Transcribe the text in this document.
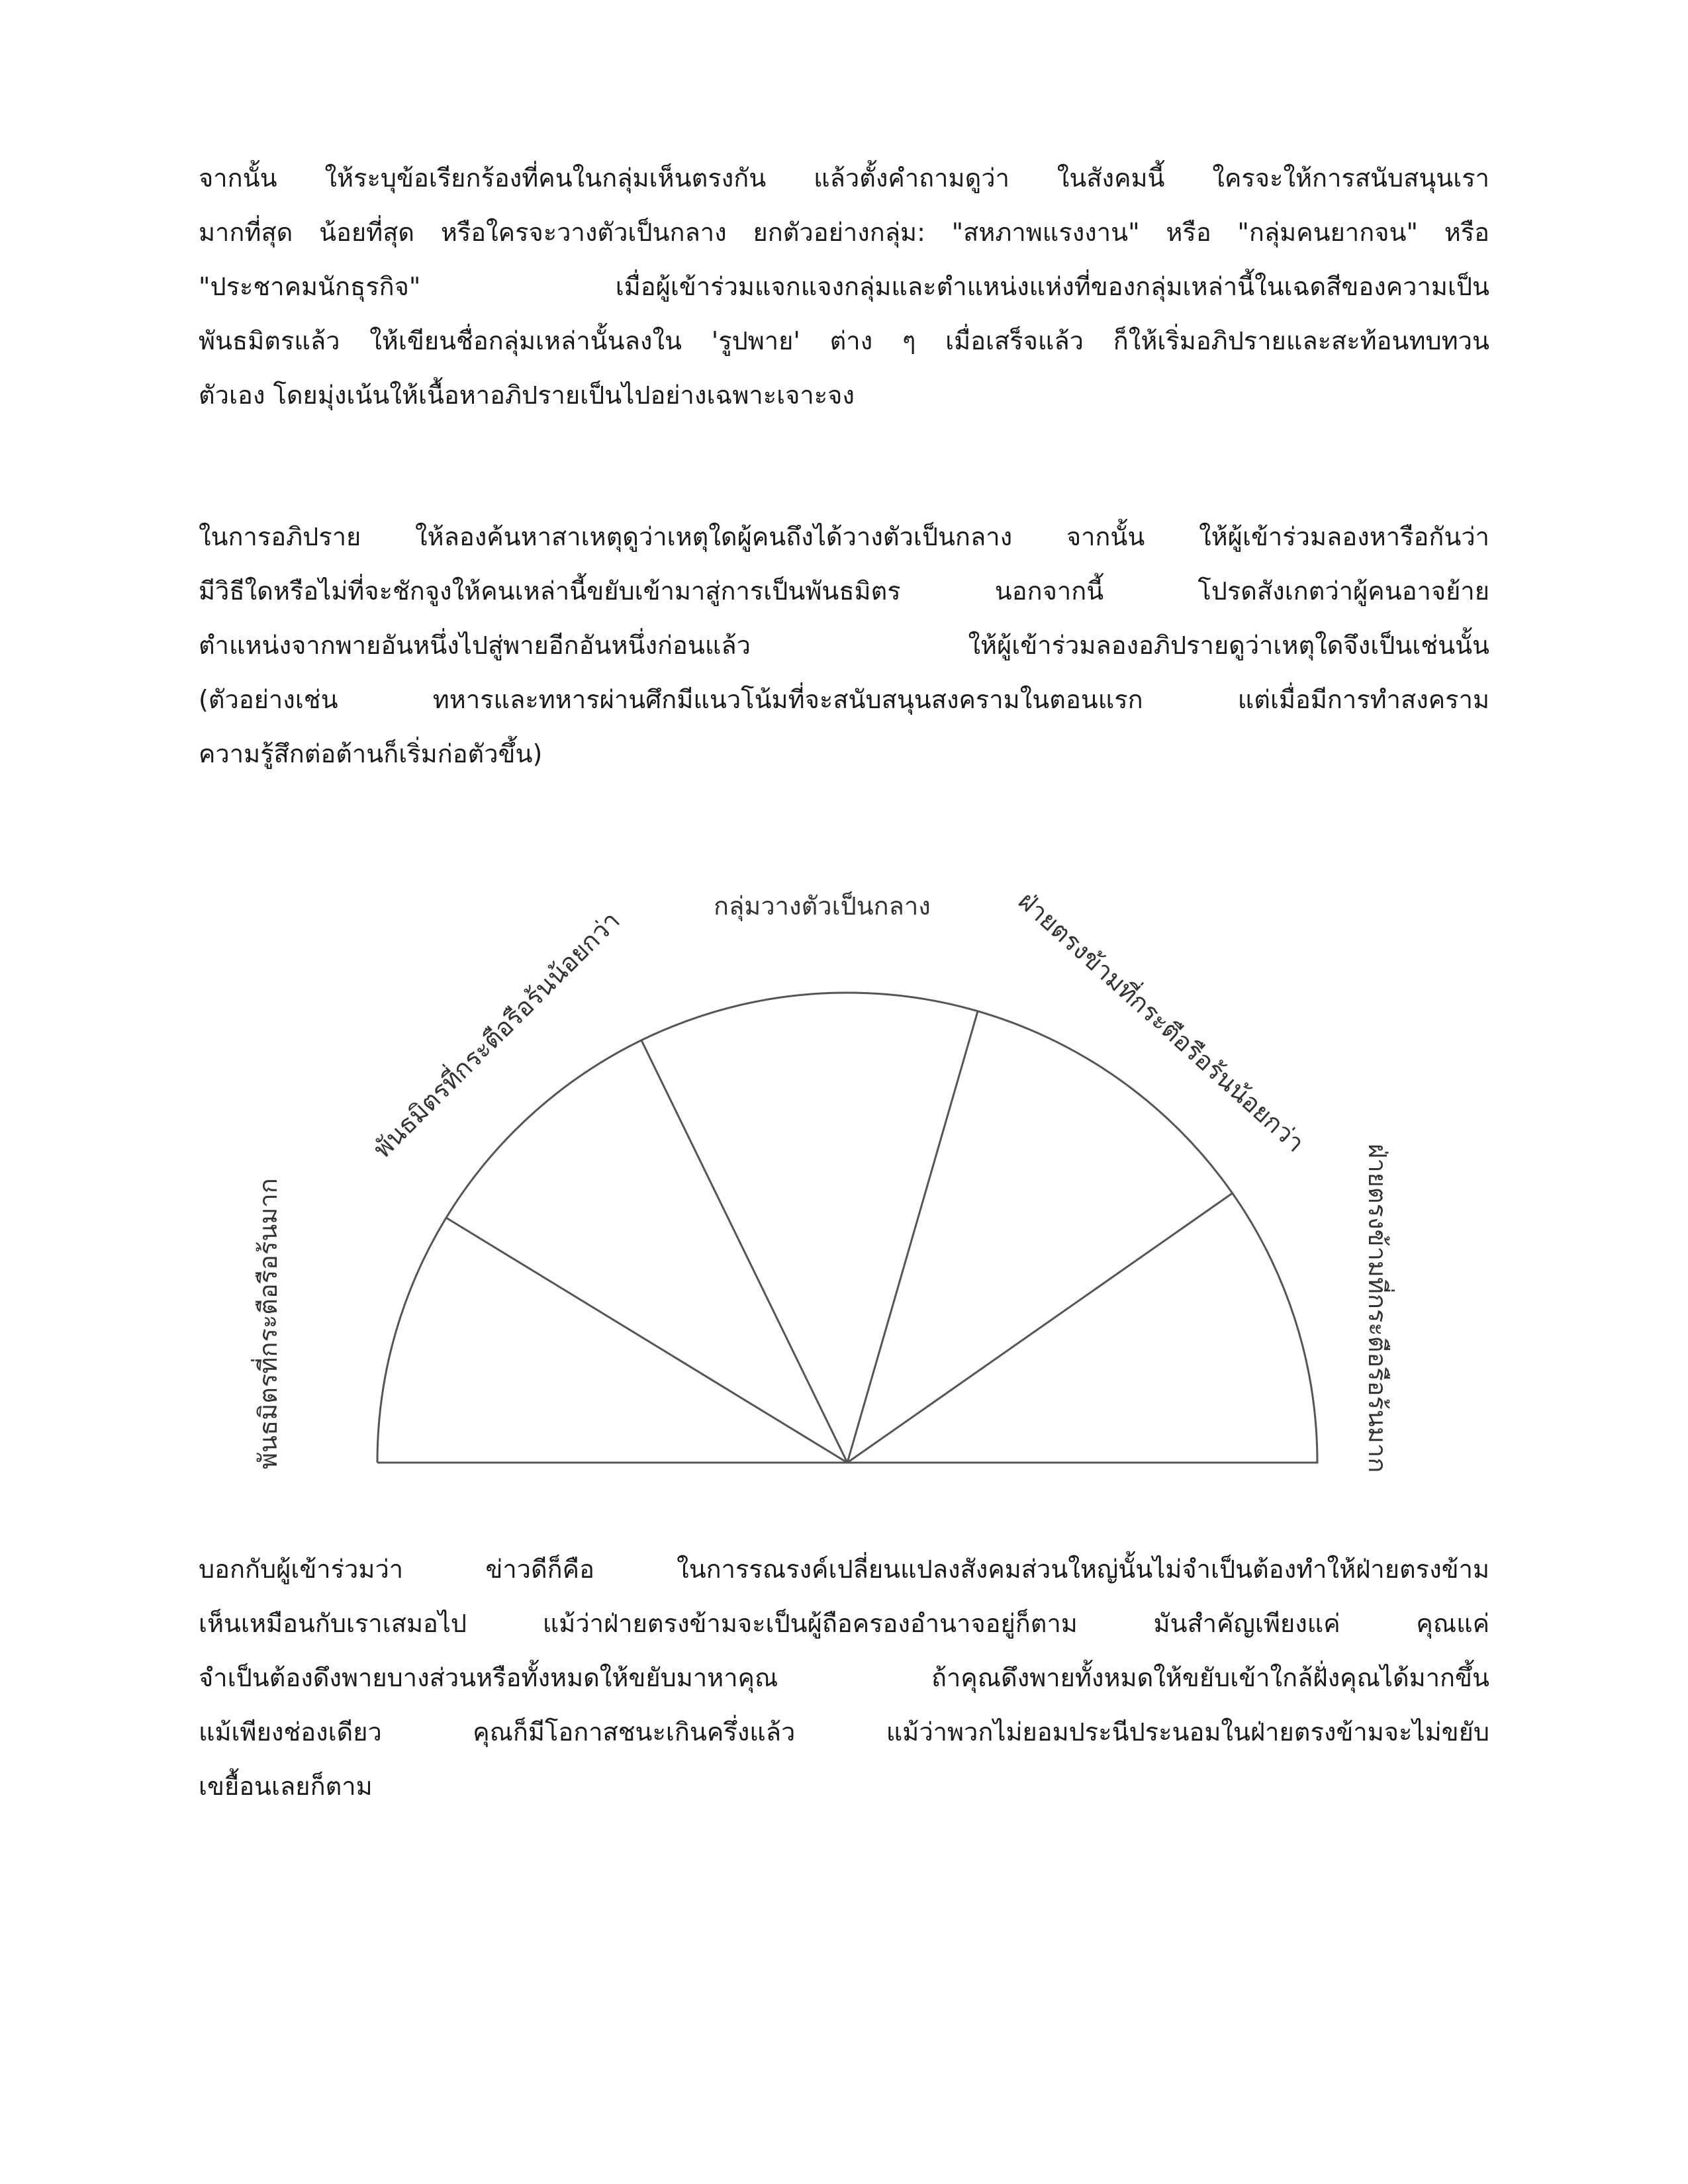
จากนั้น ให้ระบุข้อเรียกร้องที่คนในกลุ่มเห็นตรงกัน แล้วตั้งคำถามดูว่า ในสังคมนี้ ใครจะให้การสนับสนุนเรา
มากที่สุด น้อยที่สุด หรือใครจะวางตัวเป็นกลาง ยกตัวอย่างกลุ่ม: "สหภาพแรงงาน" หรือ "กลุ่มคนยากจน" หรือ
"ประชาคมนักธุรกิจ" เมื่อผู้เข้าร่วมแจกแจงกลุ่มและตำแหน่งแห่งที่ของกลุ่มเหล่านี้ในเฉดสีของความเป็น
พันธมิตรแล้ว ให้เขียนชื่อกลุ่มเหล่านั้นลงใน 'รูปพาย' ต่าง ๆ เมื่อเสร็จแล้ว ก็ให้เริ่มอภิปรายและสะท้อนทบทวน
ตัวเอง โดยมุ่งเน้นให้เนื้อหาอภิปรายเป็นไปอย่างเฉพาะเจาะจง
ในการอภิปราย ให้ลองค้นหาสาเหตุดูว่าเหตุใดผู้คนถึงได้วางตัวเป็นกลาง จากนั้น ให้ผู้เข้าร่วมลองหารือกันว่า
มีวิธีใดหรือไม่ที่จะชักจูงให้คนเหล่านี้ขยับเข้ามาสู่การเป็นพันธมิตร นอกจากนี้ โปรดสังเกตว่าผู้คนอาจย้าย
ตำแหน่งจากพายอันหนึ่งไปสู่พายอีกอันหนึ่งก่อนแล้ว ให้ผู้เข้าร่วมลองอภิปรายดูว่าเหตุใดจึงเป็นเช่นนั้น
(ตัวอย่างเช่น ทหารและทหารผ่านศึกมีแนวโน้มที่จะสนับสนุนสงครามในตอนแรก แต่เมื่อมีการทำสงคราม
ความรู้สึกต่อต้านก็เริ่มก่อตัวขึ้น)
พันธมิตรที่กระตือรือร้นมาก
พันธมิตรที่กระตือรือร้นน้อยกว่า	กลุ่มวางตัวเป็นกลาง	ฝ่ายตรงข้ามที่กระตือรือร้นน้อยกว่า
ฝ่ายตรงข้ามที่กระตือรือร้นมาก
บอกกับผู้เข้าร่วมว่า ข่าวดีก็คือ ในการรณรงค์เปลี่ยนแปลงสังคมส่วนใหญ่นั้นไม่จำเป็นต้องทำให้ฝ่ายตรงข้าม
เห็นเหมือนกับเราเสมอไป แม้ว่าฝ่ายตรงข้ามจะเป็นผู้ถือครองอำนาจอยู่ก็ตาม มันสำคัญเพียงแค่ คุณแค่
จำเป็นต้องดึงพายบางส่วนหรือทั้งหมดให้ขยับมาหาคุณ ถ้าคุณดึงพายทั้งหมดให้ขยับเข้าใกล้ฝั่งคุณได้มากขึ้น
แม้เพียงช่องเดียว คุณก็มีโอกาสชนะเกินครึ่งแล้ว แม้ว่าพวกไม่ยอมประนีประนอมในฝ่ายตรงข้ามจะไม่ขยับ
เขยื้อนเลยก็ตาม
